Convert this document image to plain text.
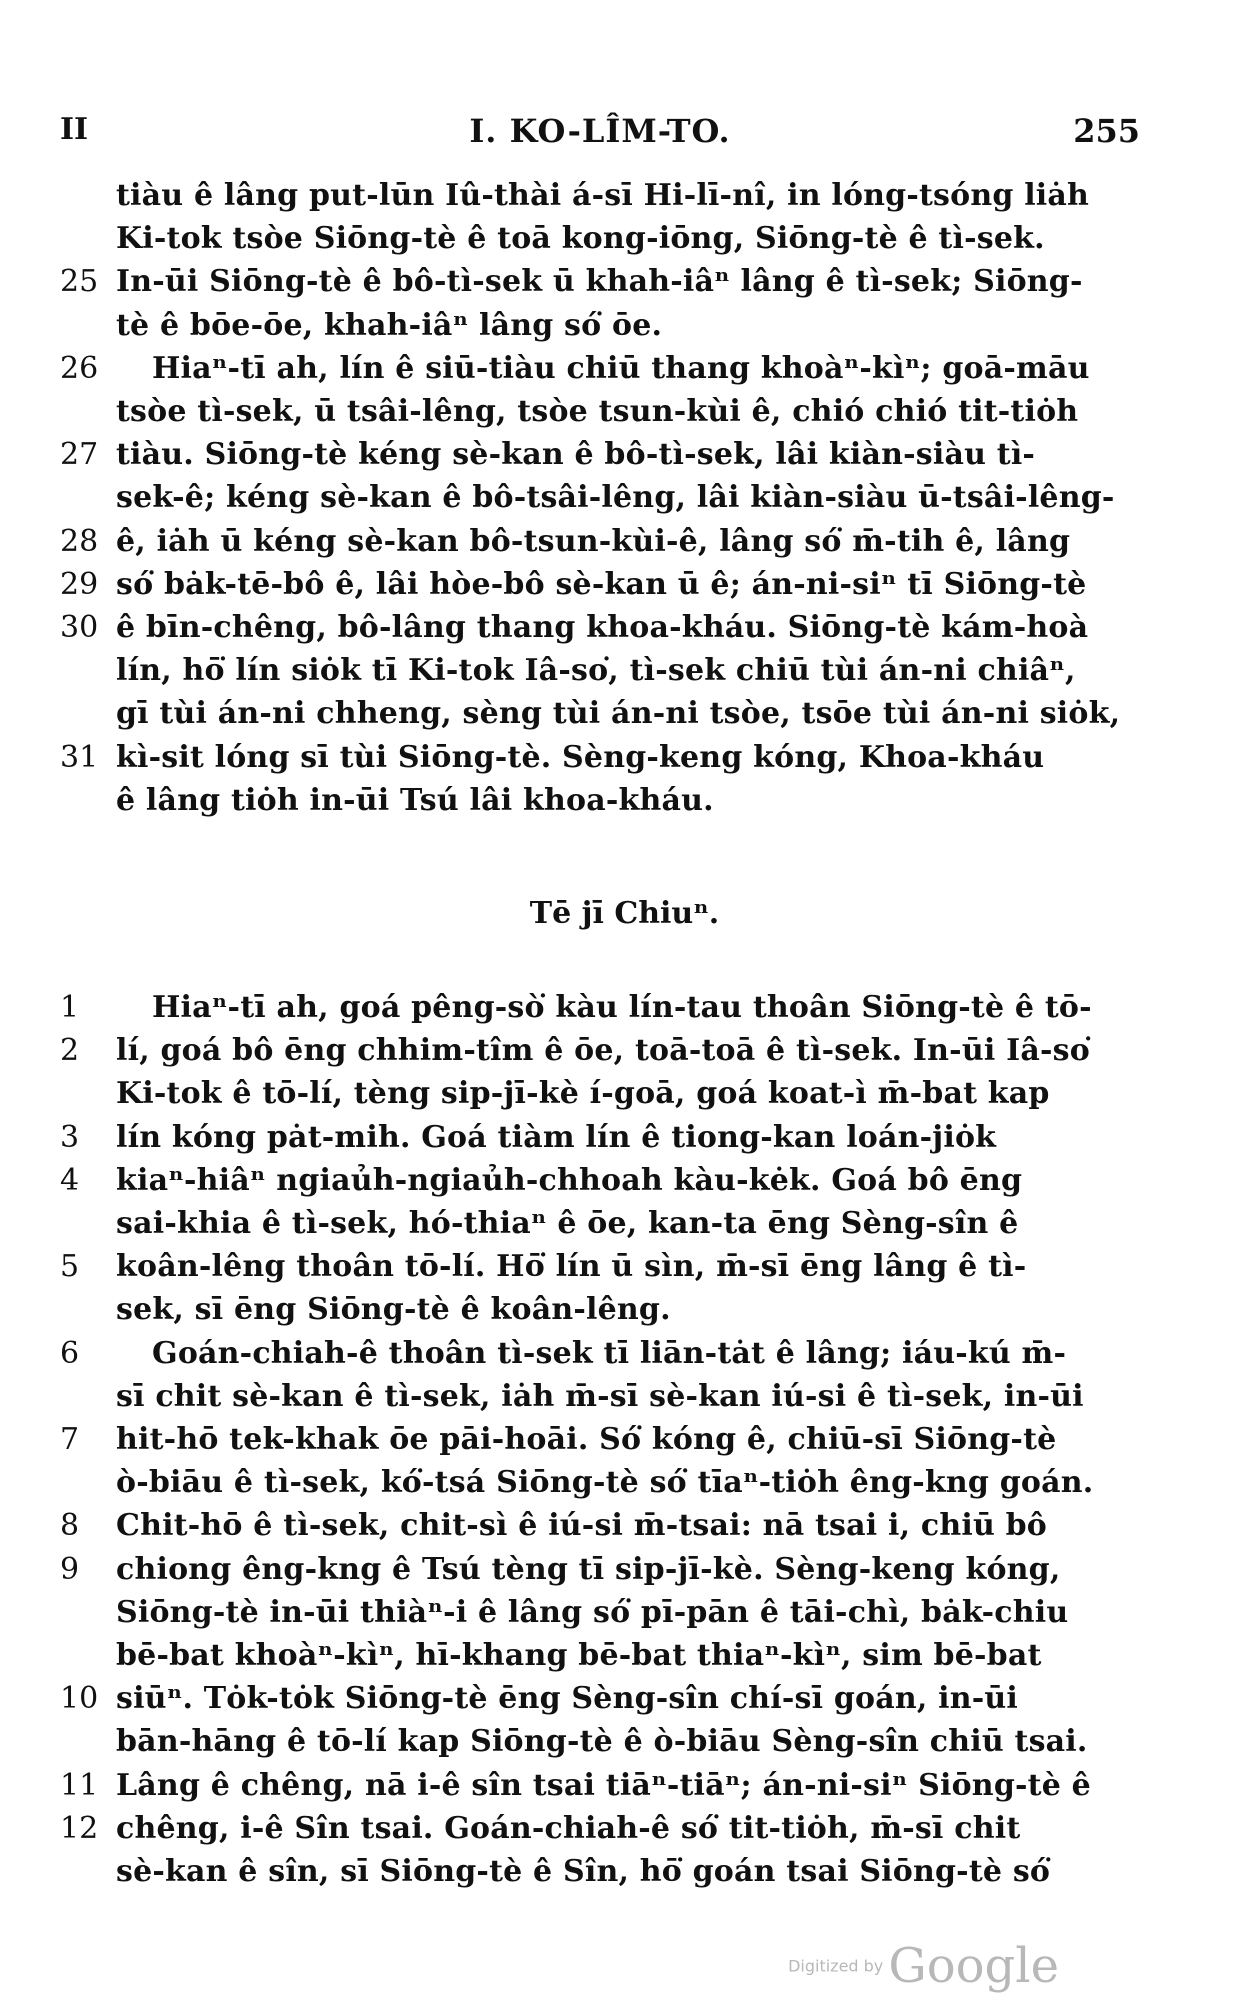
II	I. KO-LÎM-TO.	255
tiàu ê lâng put-lūn Iû-thài á-sī Hi-lī-nî, in lóng-tsóng liȧh
Ki-tok tsòe Siōng-tè ê toā kong-iōng, Siōng-tè ê tì-sek.
25 In-ūi Siōng-tè ê bô-tì-sek ū khah-iâⁿ lâng ê tì-sek; Siōng-
tè ê bōe-ōe, khah-iâⁿ lâng só͘ ōe.
26	Hiaⁿ-tī ah, lín ê siū-tiàu chiū thang khoàⁿ-kìⁿ; goā-māu
tsòe tì-sek, ū tsâi-lêng, tsòe tsun-kùi ê, chió chió tit-tiȯh
27 tiàu. Siōng-tè kéng sè-kan ê bô-tì-sek, lâi kiàn-siàu tì-
sek-ê; kéng sè-kan ê bô-tsâi-lêng, lâi kiàn-siàu ū-tsâi-lêng-
28 ê, iȧh ū kéng sè-kan bô-tsun-kùi-ê, lâng só͘ m̄-tih ê, lâng
29 só͘ bȧk-tē-bô ê, lâi hòe-bô sè-kan ū ê; án-ni-siⁿ tī Siōng-tè
30 ê bīn-chêng, bô-lâng thang khoa-kháu. Siōng-tè kám-hoà
lín, hō͘ lín siȯk tī Ki-tok Iâ-so͘, tì-sek chiū tùi án-ni chiâⁿ,
gī tùi án-ni chheng, sèng tùi án-ni tsòe, tsōe tùi án-ni siȯk,
31 kì-sit lóng sī tùi Siōng-tè. Sèng-keng kóng, Khoa-kháu
ê lâng tiȯh in-ūi Tsú lâi khoa-kháu.
Tē jī Chiuⁿ.
1	Hiaⁿ-tī ah, goá pêng-sò͘ kàu lín-tau thoân Siōng-tè ê tō-
2	lí, goá bô ēng chhim-tîm ê ōe, toā-toā ê tì-sek. In-ūi Iâ-so͘
Ki-tok ê tō-lí, tèng sip-jī-kè í-goā, goá koat-ì m̄-bat kap
3	lín kóng pȧt-mih. Goá tiàm lín ê tiong-kan loán-jiȯk
4	kiaⁿ-hiâⁿ ngiaủh-ngiaủh-chhoah kàu-kėk. Goá bô ēng
sai-khia ê tì-sek, hó-thiaⁿ ê ōe, kan-ta ēng Sèng-sîn ê
5	koân-lêng thoân tō-lí. Hō͘ lín ū sìn, m̄-sī ēng lâng ê tì-
sek, sī ēng Siōng-tè ê koân-lêng.
6	Goán-chiah-ê thoân tì-sek tī liān-tȧt ê lâng; iáu-kú m̄-
sī chit sè-kan ê tì-sek, iȧh m̄-sī sè-kan iú-si ê tì-sek, in-ūi
7	hit-hō tek-khak ōe pāi-hoāi. Só͘ kóng ê, chiū-sī Siōng-tè
ò-biāu ê tì-sek, kó͘-tsá Siōng-tè só͘ tīaⁿ-tiȯh êng-kng goán.
8	Chit-hō ê tì-sek, chit-sì ê iú-si m̄-tsai: nā tsai i, chiū bô
9	chiong êng-kng ê Tsú tèng tī sip-jī-kè. Sèng-keng kóng,
Siōng-tè in-ūi thiàⁿ-i ê lâng só͘ pī-pān ê tāi-chì, bȧk-chiu
bē-bat khoàⁿ-kìⁿ, hī-khang bē-bat thiaⁿ-kìⁿ, sim bē-bat
10 siūⁿ. Tȯk-tȯk Siōng-tè ēng Sèng-sîn chí-sī goán, in-ūi
bān-hāng ê tō-lí kap Siōng-tè ê ò-biāu Sèng-sîn chiū tsai.
11 Lâng ê chêng, nā i-ê sîn tsai tiāⁿ-tiāⁿ; án-ni-siⁿ Siōng-tè ê
12 chêng, i-ê Sîn tsai. Goán-chiah-ê só͘ tit-tiȯh, m̄-sī chit
sè-kan ê sîn, sī Siōng-tè ê Sîn, hō͘ goán tsai Siōng-tè só͘
Digitized by Google
